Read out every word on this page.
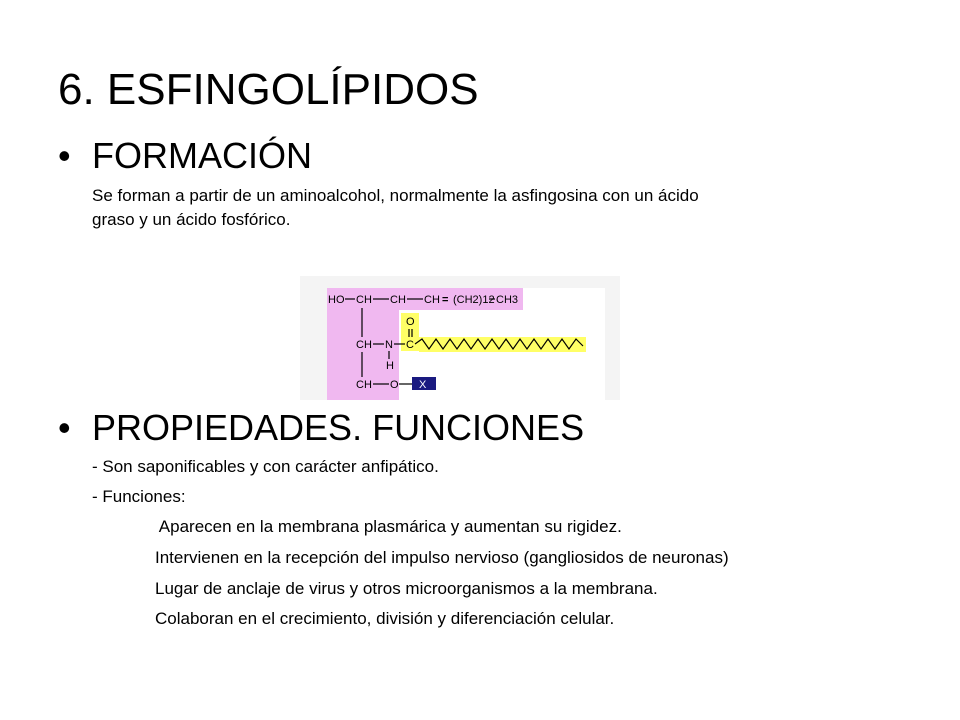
6. ESFINGOLÍPIDOS
• FORMACIÓN

Se forman a partir de un aminoalcohol, normalmente la asfingosina con un ácido

graso y un ácido fosfórico.

HO CH CH CH = (CH2)12 CH3
O
CH N C
H
CH O X
• PROPIEDADES. FUNCIONES

- Son saponificables y con carácter anfipático.

- Funciones:

Aparecen en la membrana plasmárica y aumentan su rigidez.

Intervienen en la recepción del impulso nervioso (gangliosidos de neuronas)

Lugar de anclaje de virus y otros microorganismos a la membrana.

Colaboran en el crecimiento, división y diferenciación celular.
